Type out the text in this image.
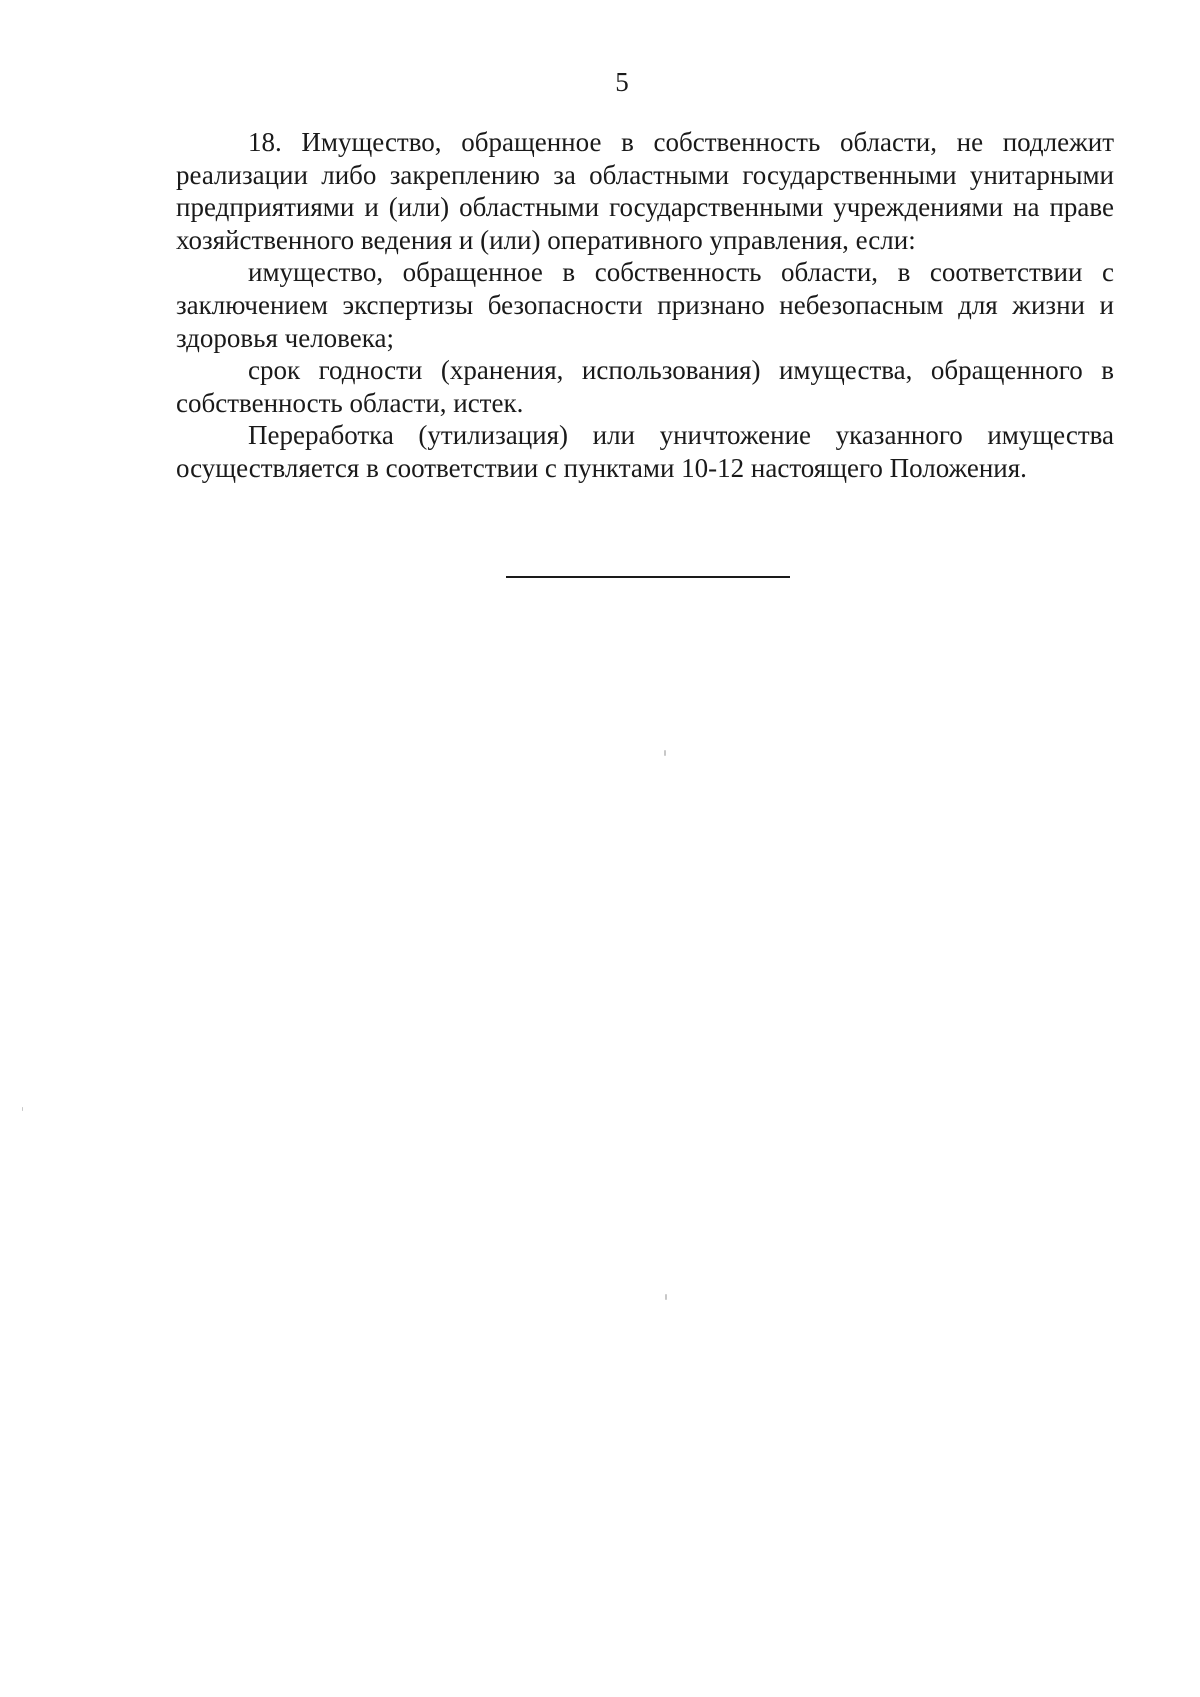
5

18. Имущество, обращенное в собственность области, не подлежит реализации либо закреплению за областными государственными унитарными предприятиями и (или) областными государственными учреждениями на праве хозяйственного ведения и (или) оперативного управления, если:

имущество, обращенное в собственность области, в соответствии с заключением экспертизы безопасности признано небезопасным для жизни и здоровья человека;

срок годности (хранения, использования) имущества, обращенного в собственность области, истек.

Переработка (утилизация) или уничтожение указанного имущества осуществляется в соответствии с пунктами 10-12 настоящего Положения.
